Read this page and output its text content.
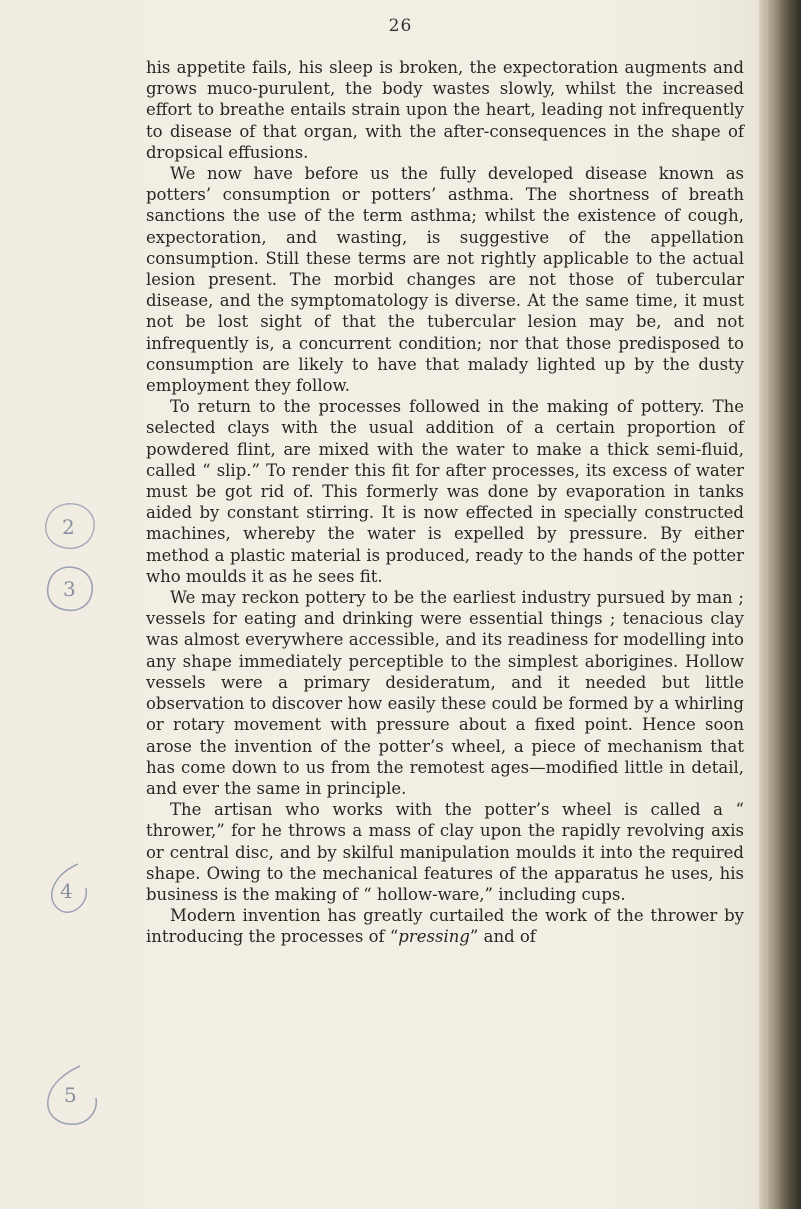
26

his appetite fails, his sleep is broken, the expectoration augments and grows muco-purulent, the body wastes slowly, whilst the increased effort to breathe entails strain upon the heart, leading not infrequently to disease of that organ, with the after-consequences in the shape of dropsical effusions.

We now have before us the fully developed disease known as potters’ consumption or potters’ asthma. The shortness of breath sanctions the use of the term asthma; whilst the existence of cough, expectoration, and wasting, is suggestive of the appellation consumption. Still these terms are not rightly applicable to the actual lesion present. The morbid changes are not those of tubercular disease, and the symptomatology is diverse. At the same time, it must not be lost sight of that the tubercular lesion may be, and not infrequently is, a concurrent condition; nor that those predisposed to consumption are likely to have that malady lighted up by the dusty employment they follow.

To return to the processes followed in the making of pottery. The selected clays with the usual addition of a certain proportion of powdered flint, are mixed with the water to make a thick semi-fluid, called “ slip.” To render this fit for after processes, its excess of water must be got rid of. This formerly was done by evaporation in tanks aided by constant stirring. It is now effected in specially constructed machines, whereby the water is expelled by pressure. By either method a plastic material is produced, ready to the hands of the potter who moulds it as he sees fit.

We may reckon pottery to be the earliest industry pursued by man ; vessels for eating and drinking were essential things ; tenacious clay was almost everywhere accessible, and its readiness for modelling into any shape immediately perceptible to the simplest aborigines. Hollow vessels were a primary desideratum, and it needed but little observation to discover how easily these could be formed by a whirling or rotary movement with pressure about a fixed point. Hence soon arose the invention of the potter’s wheel, a piece of mechanism that has come down to us from the remotest ages—modified little in detail, and ever the same in principle.

The artisan who works with the potter’s wheel is called a “ thrower,” for he throws a mass of clay upon the rapidly revolving axis or central disc, and by skilful manipulation moulds it into the required shape. Owing to the mechanical features of the apparatus he uses, his business is the making of “ hollow-ware,” including cups.

Modern invention has greatly curtailed the work of the thrower by introducing the processes of “pressing” and of

2
3
4
5
